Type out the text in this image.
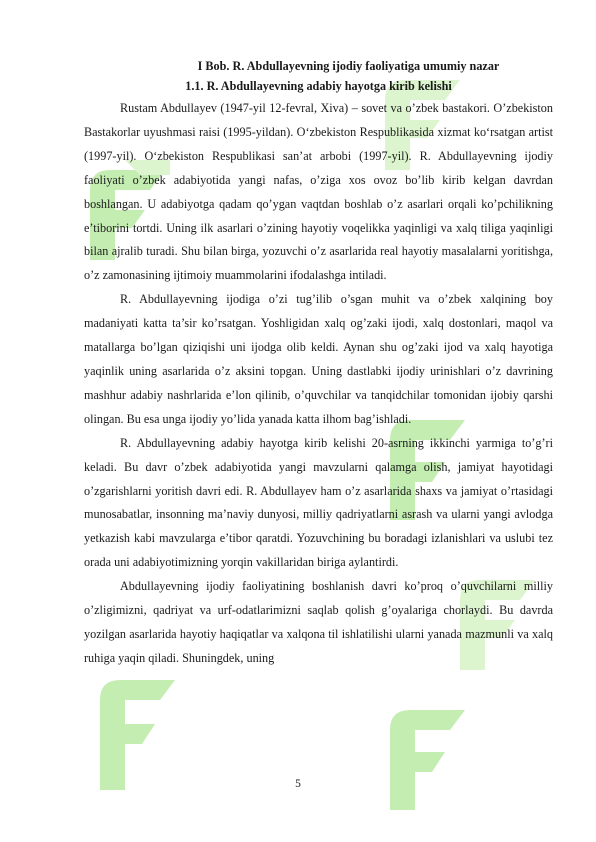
I Bob. R. Abdullayevning ijodiy faoliyatiga umumiy nazar

1.1. R. Abdullayevning adabiy hayotga kirib kelishi

Rustam Abdullayev (1947-yil 12-fevral, Xiva) – sovet va o’zbek bastakori. O’zbekiston Bastakorlar uyushmasi raisi (1995-yildan). O‘zbekiston Respublikasida xizmat ko‘rsatgan artist (1997-yil). O‘zbekiston Respublikasi san’at arbobi (1997-yil). R. Abdullayevning ijodiy faoliyati o’zbek adabiyotida yangi nafas, o’ziga xos ovoz bo’lib kirib kelgan davrdan boshlangan. U adabiyotga qadam qo’ygan vaqtdan boshlab o’z asarlari orqali ko’pchilikning e’tiborini tortdi. Uning ilk asarlari o’zining hayotiy voqelikka yaqinligi va xalq tiliga yaqinligi bilan ajralib turadi. Shu bilan birga, yozuvchi o’z asarlarida real hayotiy masalalarni yoritishga, o’z zamonasining ijtimoiy muammolarini ifodalashga intiladi.

R. Abdullayevning ijodiga o’zi tug’ilib o’sgan muhit va o’zbek xalqining boy madaniyati katta ta’sir ko’rsatgan. Yoshligidan xalq og’zaki ijodi, xalq dostonlari, maqol va matallarga bo’lgan qiziqishi uni ijodga olib keldi. Aynan shu og’zaki ijod va xalq hayotiga yaqinlik uning asarlarida o’z aksini topgan. Uning dastlabki ijodiy urinishlari o’z davrining mashhur adabiy nashrlarida e’lon qilinib, o’quvchilar va tanqidchilar tomonidan ijobiy qarshi olingan. Bu esa unga ijodiy yo’lida yanada katta ilhom bag’ishladi.

R. Abdullayevning adabiy hayotga kirib kelishi 20-asrning ikkinchi yarmiga to’g’ri keladi. Bu davr o’zbek adabiyotida yangi mavzularni qalamga olish, jamiyat hayotidagi o’zgarishlarni yoritish davri edi. R. Abdullayev ham o’z asarlarida shaxs va jamiyat o’rtasidagi munosabatlar, insonning ma’naviy dunyosi, milliy qadriyatlarni asrash va ularni yangi avlodga yetkazish kabi mavzularga e’tibor qaratdi. Yozuvchining bu boradagi izlanishlari va uslubi tez orada uni adabiyotimizning yorqin vakillaridan biriga aylantirdi.

Abdullayevning ijodiy faoliyatining boshlanish davri ko’proq o’quvchilarni milliy o’zligimizni, qadriyat va urf-odatlarimizni saqlab qolish g’oyalariga chorlaydi. Bu davrda yozilgan asarlarida hayotiy haqiqatlar va xalqona til ishlatilishi ularni yanada mazmunli va xalq ruhiga yaqin qiladi. Shuningdek, uning

5
